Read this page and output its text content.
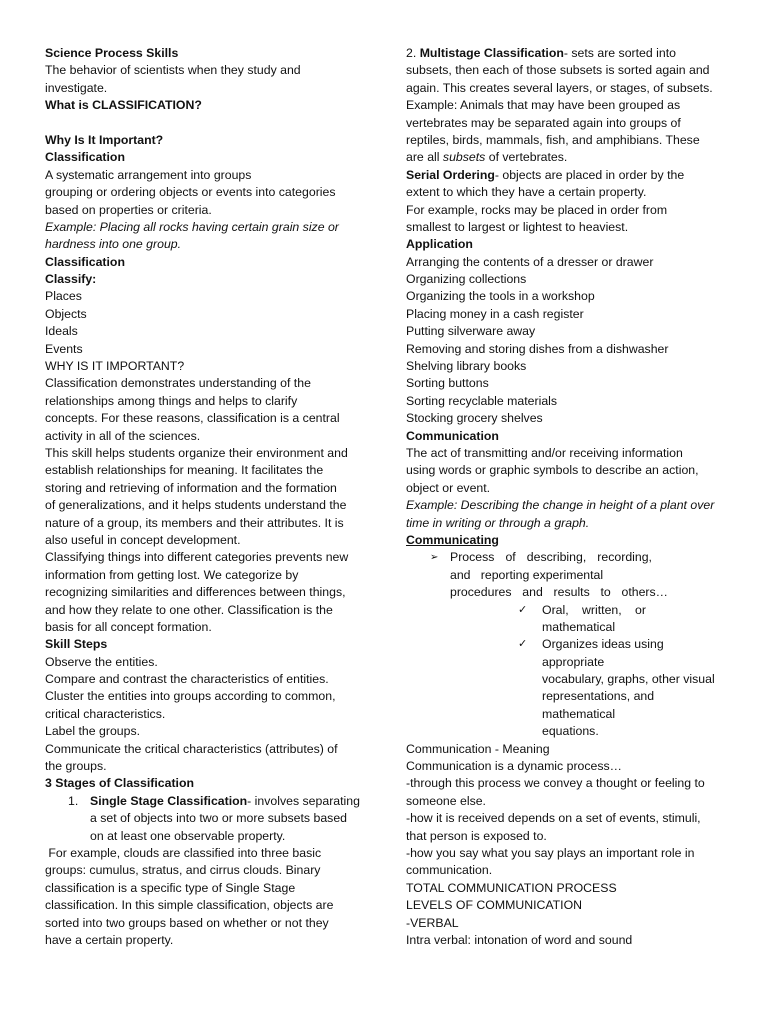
Science Process Skills
The behavior of scientists when they study and
investigate.
What is CLASSIFICATION?
Why Is It Important?
Classification
A systematic arrangement into groups
grouping or ordering objects or events into categories
based on properties or criteria.
Example: Placing all rocks having certain grain size or
hardness into one group.
Classification
Classify:
Places
Objects
Ideals
Events
WHY IS IT IMPORTANT?
Classification demonstrates understanding of the
relationships among things and helps to clarify
concepts. For these reasons, classification is a central
activity in all of the sciences.
This skill helps students organize their environment and
establish relationships for meaning. It facilitates the
storing and retrieving of information and the formation
of generalizations, and it helps students understand the
nature of a group, its members and their attributes. It is
also useful in concept development.
Classifying things into different categories prevents new
information from getting lost. We categorize by
recognizing similarities and differences between things,
and how they relate to one other. Classification is the
basis for all concept formation.
Skill Steps
Observe the entities.
Compare and contrast the characteristics of entities.
Cluster the entities into groups according to common,
critical characteristics.
Label the groups.
Communicate the critical characteristics (attributes) of
the groups.
3 Stages of Classification
1. Single Stage Classification- involves separating
a set of objects into two or more subsets based
on at least one observable property.
For example, clouds are classified into three basic
groups: cumulus, stratus, and cirrus clouds. Binary
classification is a specific type of Single Stage
classification. In this simple classification, objects are
sorted into two groups based on whether or not they
have a certain property.
2. Multistage Classification- sets are sorted into
subsets, then each of those subsets is sorted again and
again. This creates several layers, or stages, of subsets.
Example: Animals that may have been grouped as
vertebrates may be separated again into groups of
reptiles, birds, mammals, fish, and amphibians. These
are all subsets of vertebrates.
Serial Ordering- objects are placed in order by the
extent to which they have a certain property.
For example, rocks may be placed in order from
smallest to largest or lightest to heaviest.
Application
Arranging the contents of a dresser or drawer
Organizing collections
Organizing the tools in a workshop
Placing money in a cash register
Putting silverware away
Removing and storing dishes from a dishwasher
Shelving library books
Sorting buttons
Sorting recyclable materials
Stocking grocery shelves
Communication
The act of transmitting and/or receiving information
using words or graphic symbols to describe an action,
object or event.
Example: Describing the change in height of a plant over
time in writing or through a graph.
Communicating
➢ Process of describing, recording,
and reporting experimental
procedures and results to others…
✓ Oral, written, or
mathematical
✓ Organizes ideas using
appropriate
vocabulary, graphs, other visual
representations, and
mathematical
equations.
Communication - Meaning
Communication is a dynamic process…
-through this process we convey a thought or feeling to
someone else.
-how it is received depends on a set of events, stimuli,
that person is exposed to.
-how you say what you say plays an important role in
communication.
TOTAL COMMUNICATION PROCESS
LEVELS OF COMMUNICATION
-VERBAL
Intra verbal: intonation of word and sound
